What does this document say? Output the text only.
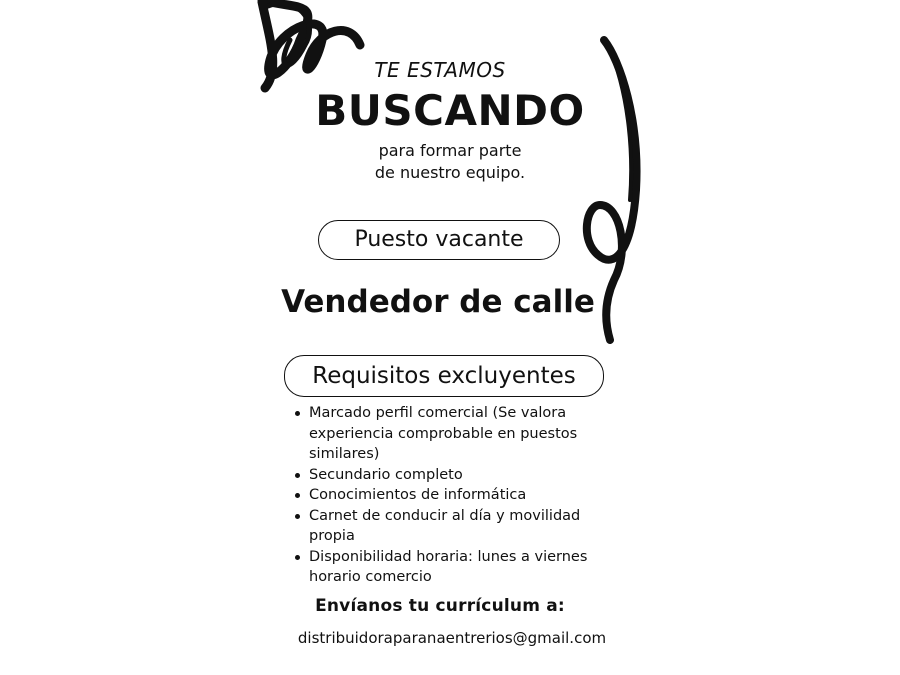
TE ESTAMOS
BUSCANDO
para formar parte
de nuestro equipo.
Puesto vacante
Vendedor de calle
Requisitos excluyentes
Marcado perfil comercial (Se valora experiencia comprobable en puestos similares)
Secundario completo
Conocimientos de informática
Carnet de conducir al día y movilidad propia
Disponibilidad horaria: lunes a viernes horario comercio
Envíanos tu currículum a:
distribuidoraparanaentrerios@gmail.com
